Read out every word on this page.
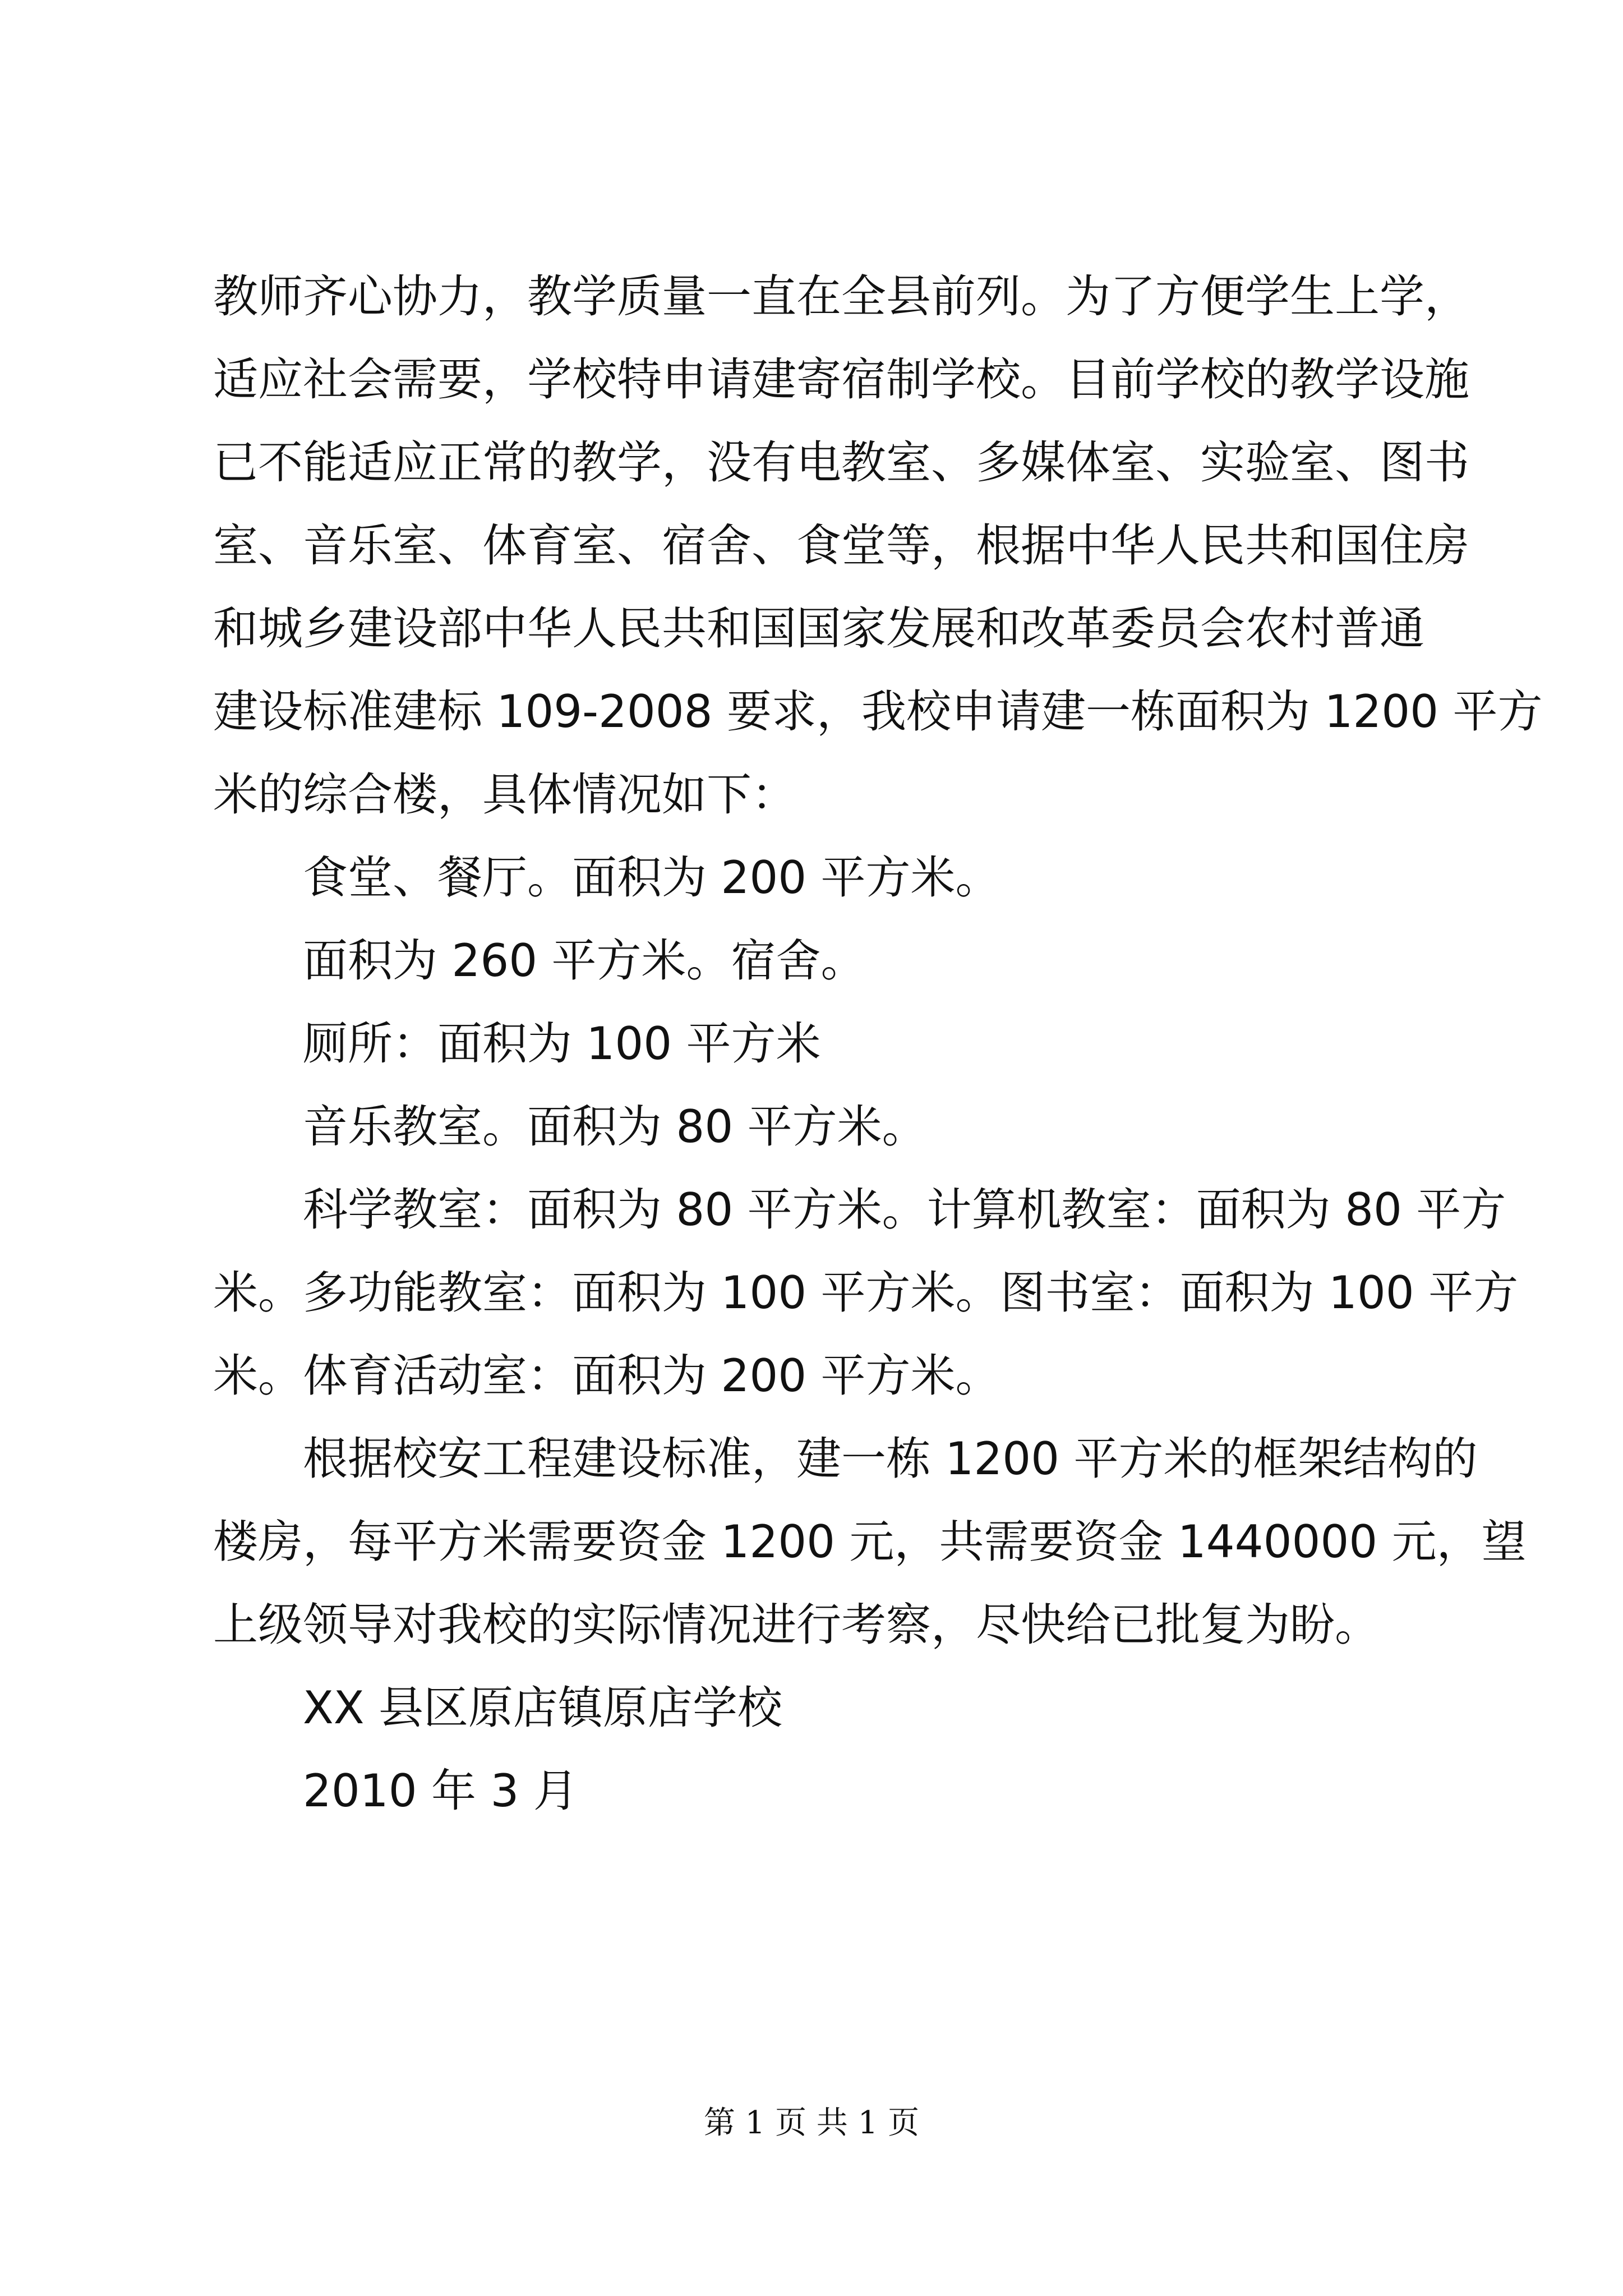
教师齐心协力，教学质量一直在全县前列。为了方便学生上学，
适应社会需要，学校特申请建寄宿制学校。目前学校的教学设施
已不能适应正常的教学，没有电教室、多媒体室、实验室、图书
室、音乐室、体育室、宿舍、食堂等，根据中华人民共和国住房
和城乡建设部中华人民共和国国家发展和改革委员会农村普通
建设标准建标 109-2008 要求，我校申请建一栋面积为 1200 平方
米的综合楼，具体情况如下：
食堂、餐厅。面积为 200 平方米。
面积为 260 平方米。宿舍。
厕所：面积为 100 平方米
音乐教室。面积为 80 平方米。
科学教室：面积为 80 平方米。计算机教室：面积为 80 平方
米。多功能教室：面积为 100 平方米。图书室：面积为 100 平方
米。体育活动室：面积为 200 平方米。
根据校安工程建设标准，建一栋 1200 平方米的框架结构的
楼房，每平方米需要资金 1200 元，共需要资金 1440000 元，望
上级领导对我校的实际情况进行考察，尽快给已批复为盼。
XX 县区原店镇原店学校
2010 年 3 月
第 1 页 共 1 页
